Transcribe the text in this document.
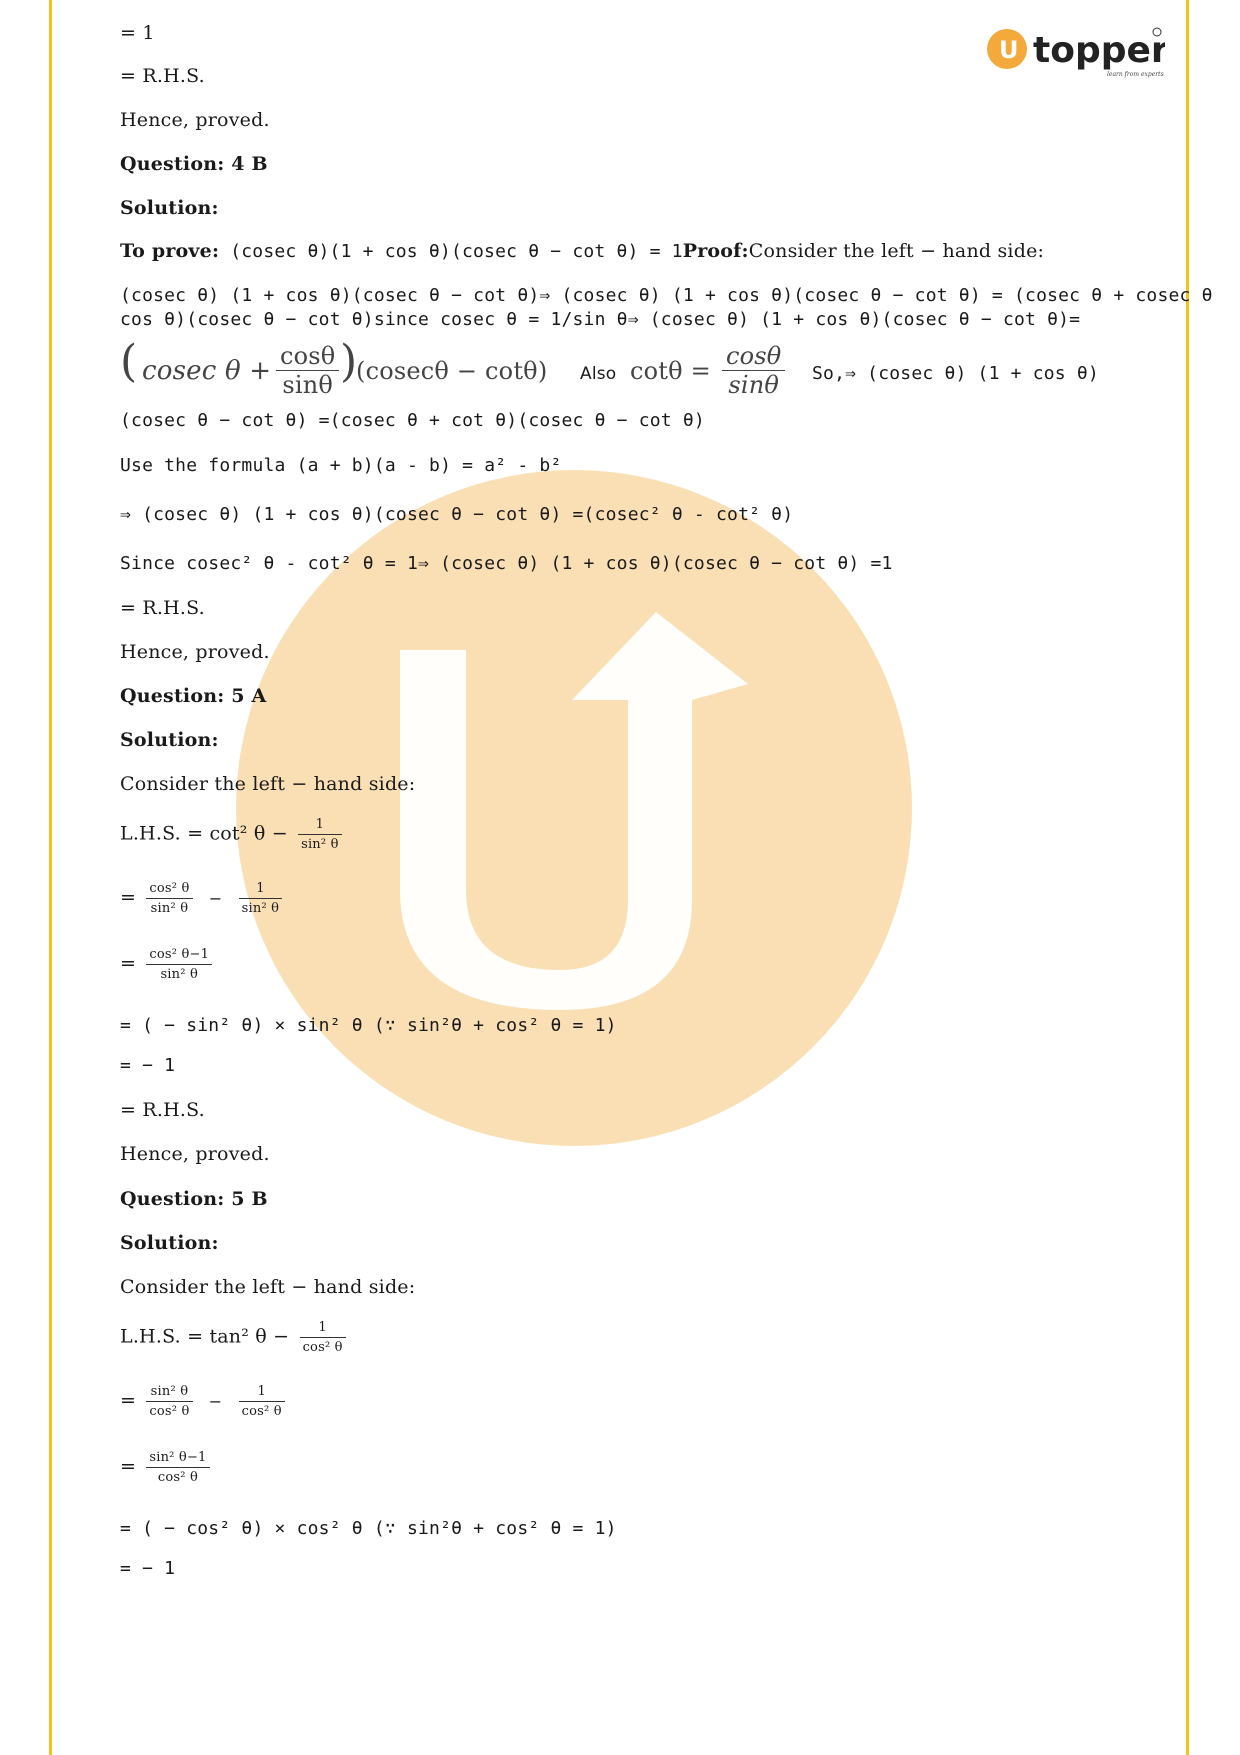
U topper
learn from experts
= 1
= R.H.S.
Hence, proved.
Question: 4 B
Solution:
To prove: (cosec θ)(1 + cos θ)(cosec θ − cot θ) = 1Proof:Consider the left − hand side:
(cosec θ) (1 + cos θ)(cosec θ − cot θ)⇒ (cosec θ) (1 + cos θ)(cosec θ − cot θ) = (cosec θ + cosec θ
cos θ)(cosec θ − cot θ)since cosec θ = 1/sin θ⇒ (cosec θ) (1 + cos θ)(cosec θ − cot θ)=
( cosec $\theta + \frac{\cos\theta}{\sin\theta}$ )
(cosecθ − cotθ) Also $\cot\theta = \frac{\cos\theta}{\sin\theta}$ So,⇒ (cosec θ) (1 + cos θ)
(cosec θ − cot θ) =(cosec θ + cot θ)(cosec θ − cot θ)
Use the formula (a + b)(a - b) = a² - b²
⇒ (cosec θ) (1 + cos θ)(cosec θ − cot θ) =(cosec² θ - cot² θ)
Since cosec² θ - cot² θ = 1⇒ (cosec θ) (1 + cos θ)(cosec θ − cot θ) =1
= R.H.S.
Hence, proved.
Question: 5 A
Solution:
Consider the left − hand side:
L.H.S. = cot² $\theta - \frac{1}{\text{sin² θ}}$
= $\frac{\text{cos² θ}}{\text{sin² θ}} - \frac{1}{\text{sin² θ}}$
= $\frac{\text{cos² θ−1}}{\text{sin² θ}}$
= ( − sin² θ) × sin² θ (∵ sin²θ + cos² θ = 1)
= − 1
= R.H.S.
Hence, proved.
Question: 5 B
Solution:
Consider the left − hand side:
L.H.S. = tan² $\theta - \frac{1}{\text{cos² θ}}$
= $\frac{\text{sin² θ}}{\text{cos² θ}} - \frac{1}{\text{cos² θ}}$
= $\frac{\text{sin² θ−1}}{\text{cos² θ}}$
= ( − cos² θ) × cos² θ (∵ sin²θ + cos² θ = 1)
= − 1
